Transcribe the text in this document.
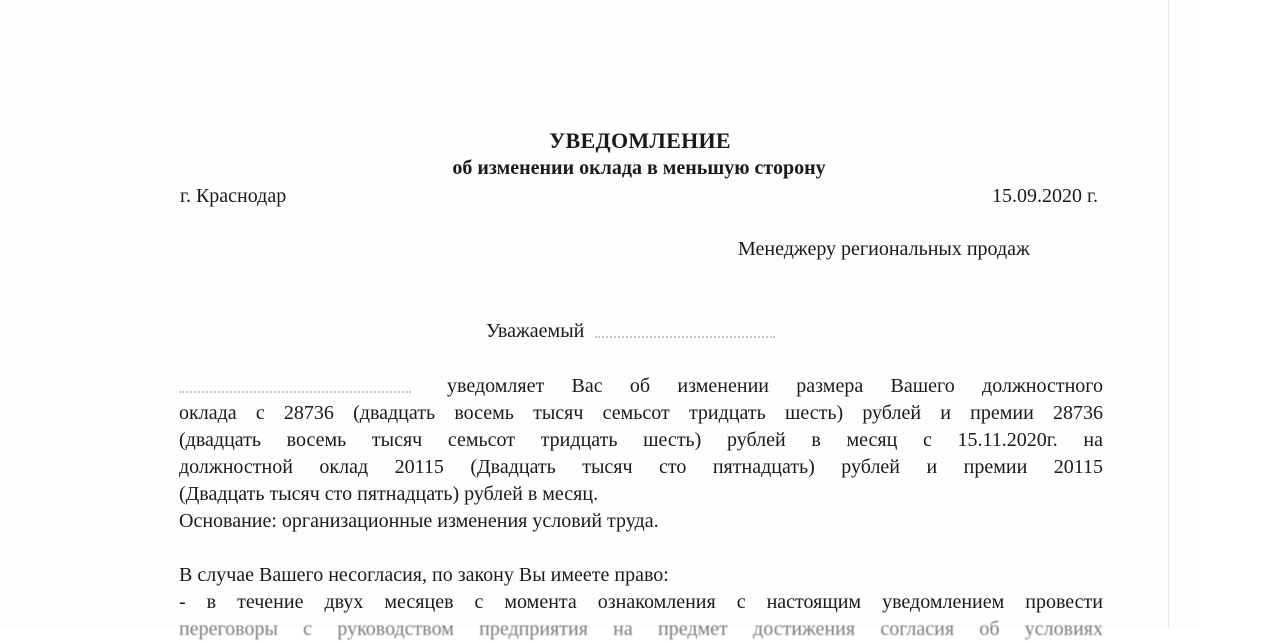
УВЕДОМЛЕНИЕ
об изменении оклада в меньшую сторону
г. Краснодар	15.09.2020 г.
Менеджеру региональных продаж
Уважаемый
уведомляет Вас об изменении размера Вашего должностного
оклада с 28736 (двадцать восемь тысяч семьсот тридцать шесть) рублей и премии 28736
(двадцать восемь тысяч семьсот тридцать шесть) рублей в месяц с 15.11.2020г. на
должностной оклад 20115 (Двадцать тысяч сто пятнадцать) рублей и премии 20115
(Двадцать тысяч сто пятнадцать) рублей в месяц.
Основание: организационные изменения условий труда.
В случае Вашего несогласия, по закону Вы имеете право:
- в течение двух месяцев с момента ознакомления с настоящим уведомлением провести
переговоры с руководством предприятия на предмет достижения согласия об условиях
